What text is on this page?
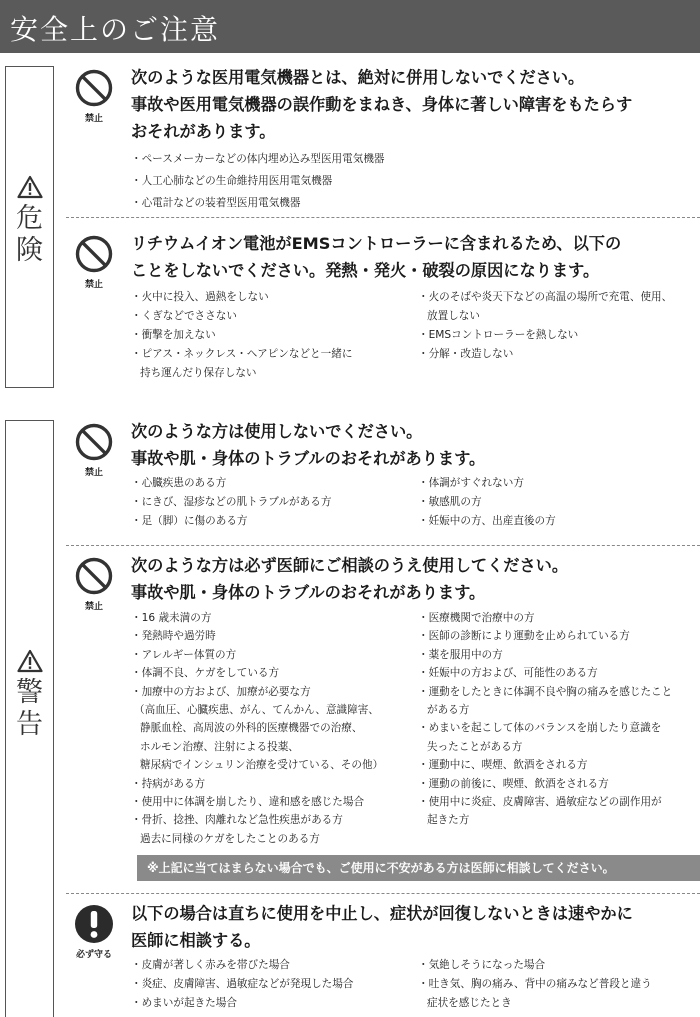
安全上のご注意
危
険
禁止
次のような医用電気機器とは、絶対に併用しないでください。
事故や医用電気機器の誤作動をまねき、身体に著しい障害をもたらす
おそれがあります。
・ペースメーカーなどの体内埋め込み型医用電気機器
・人工心肺などの生命維持用医用電気機器
・心電計などの装着型医用電気機器
禁止
リチウムイオン電池がEMSコントローラーに含まれるため、以下の
ことをしないでください。発熱・発火・破裂の原因になります。
・火中に投入、過熱をしない
・くぎなどでささない
・衝撃を加えない
・ピアス・ネックレス・ヘアピンなどと一緒に
持ち運んだり保存しない
・火のそばや炎天下などの高温の場所で充電、使用、
放置しない
・EMSコントローラーを熱しない
・分解・改造しない
警
告
禁止
次のような方は使用しないでください。
事故や肌・身体のトラブルのおそれがあります。
・心臓疾患のある方
・にきび、湿疹などの肌トラブルがある方
・足（脚）に傷のある方
・体調がすぐれない方
・敏感肌の方
・妊娠中の方、出産直後の方
禁止
次のような方は必ず医師にご相談のうえ使用してください。
事故や肌・身体のトラブルのおそれがあります。
・16 歳未満の方
・発熱時や過労時
・アレルギー体質の方
・体調不良、ケガをしている方
・加療中の方および、加療が必要な方
（高血圧、心臓疾患、がん、てんかん、意識障害、
静脈血栓、高周波の外科的医療機器での治療、
ホルモン治療、注射による投薬、
糖尿病でインシュリン治療を受けている、その他）
・持病がある方
・使用中に体調を崩したり、違和感を感じた場合
・骨折、捻挫、肉離れなど急性疾患がある方
過去に同様のケガをしたことのある方
・医療機関で治療中の方
・医師の診断により運動を止められている方
・薬を服用中の方
・妊娠中の方および、可能性のある方
・運動をしたときに体調不良や胸の痛みを感じたこと
がある方
・めまいを起こして体のバランスを崩したり意識を
失ったことがある方
・運動中に、喫煙、飲酒をされる方
・運動の前後に、喫煙、飲酒をされる方
・使用中に炎症、皮膚障害、過敏症などの副作用が
起きた方
※上記に当てはまらない場合でも、ご使用に不安がある方は医師に相談してください。
必ず守る
以下の場合は直ちに使用を中止し、症状が回復しないときは速やかに
医師に相談する。
・皮膚が著しく赤みを帯びた場合
・炎症、皮膚障害、過敏症などが発現した場合
・めまいが起きた場合
・気絶しそうになった場合
・吐き気、胸の痛み、背中の痛みなど普段と違う
症状を感じたとき
